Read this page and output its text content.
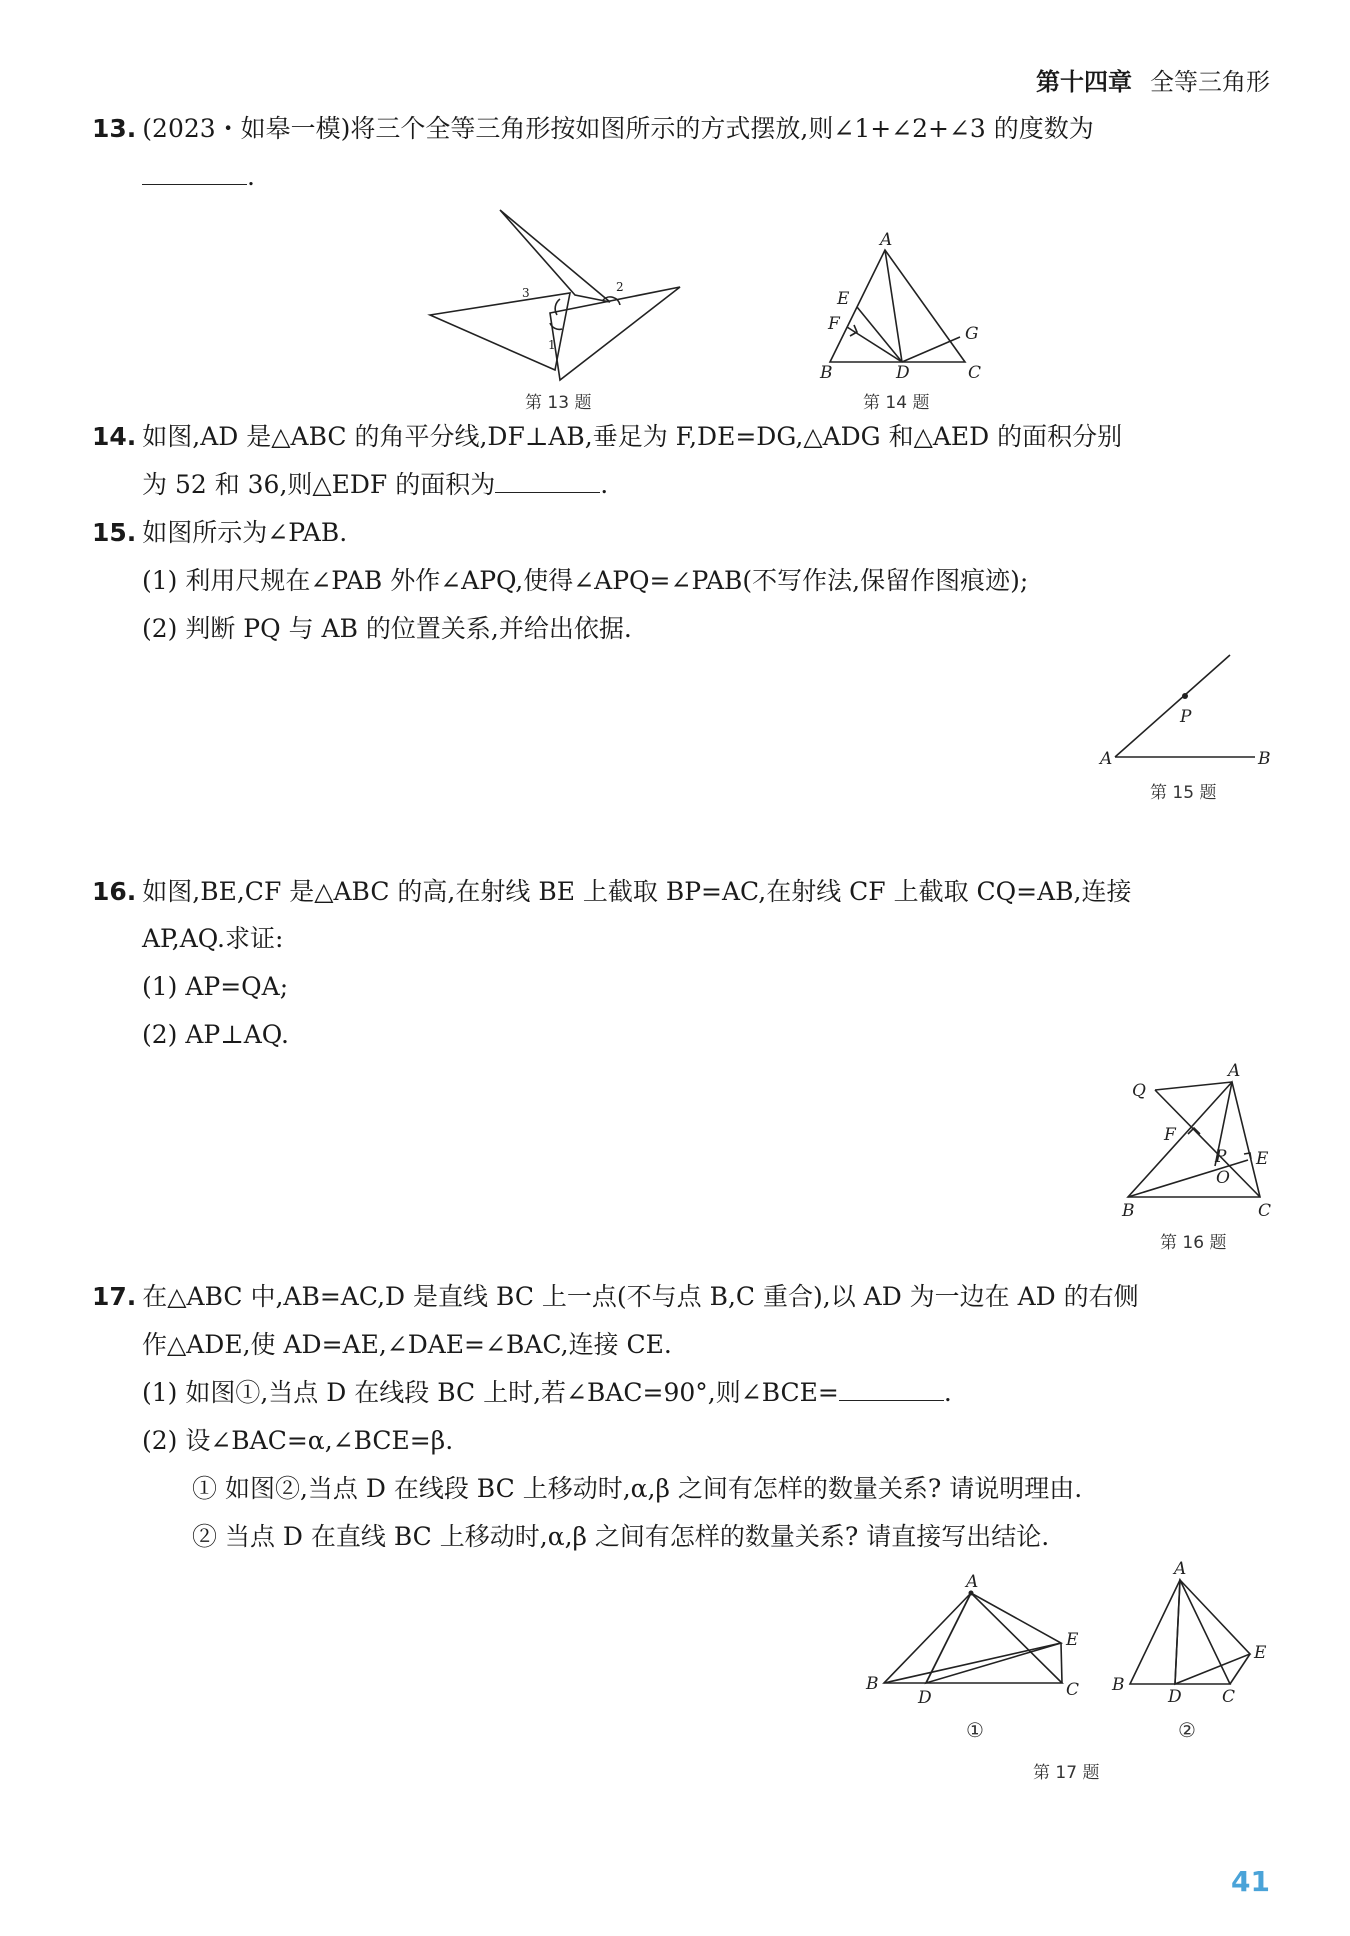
第十四章 全等三角形
13. (2023・如皋一模)将三个全等三角形按如图所示的方式摆放,则∠1+∠2+∠3 的度数为
.
3	2
1
第 13 题
A
E
F	G
B	D	C
第 14 题
14. 如图,AD 是△ABC 的角平分线,DF⊥AB,垂足为 F,DE=DG,△ADG 和△AED 的面积分别
为 52 和 36,则△EDF 的面积为	.
15. 如图所示为∠PAB.
(1) 利用尺规在∠PAB 外作∠APQ,使得∠APQ=∠PAB(不写作法,保留作图痕迹);
(2) 判断 PQ 与 AB 的位置关系,并给出依据.
P
A	B
第 15 题
16. 如图,BE,CF 是△ABC 的高,在射线 BE 上截取 BP=AC,在射线 CF 上截取 CQ=AB,连接
AP,AQ.求证:
(1) AP=QA;
(2) AP⊥AQ.
A
Q
F
P E
O
B	C
第 16 题
17. 在△ABC 中,AB=AC,D 是直线 BC 上一点(不与点 B,C 重合),以 AD 为一边在 AD 的右侧
作△ADE,使 AD=AE,∠DAE=∠BAC,连接 CE.
(1) 如图①,当点 D 在线段 BC 上时,若∠BAC=90°,则∠BCE=	.
(2) 设∠BAC=α,∠BCE=β.
① 如图②,当点 D 在线段 BC 上移动时,α,β 之间有怎样的数量关系? 请说明理由.
② 当点 D 在直线 BC 上移动时,α,β 之间有怎样的数量关系? 请直接写出结论.
A
E
B
D	C
①
A
E
B
D C
②
第 17 题
41
